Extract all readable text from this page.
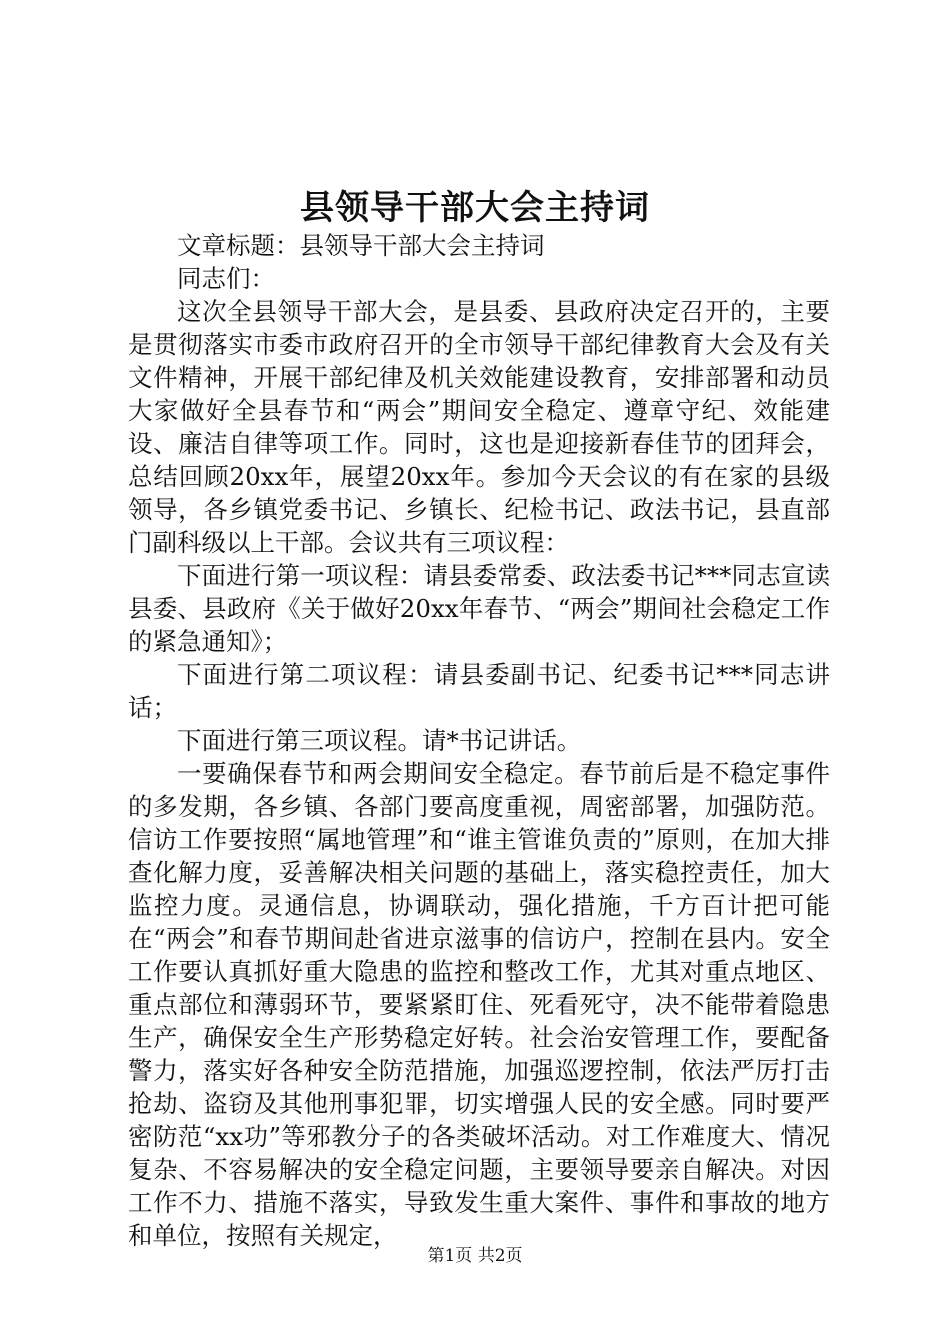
县领导干部大会主持词

文章标题：县领导干部大会主持词

同志们：

这次全县领导干部大会，是县委、县政府决定召开的，主要是贯彻落实市委市政府召开的全市领导干部纪律教育大会及有关文件精神，开展干部纪律及机关效能建设教育，安排部署和动员大家做好全县春节和“两会”期间安全稳定、遵章守纪、效能建设、廉洁自律等项工作。同时，这也是迎接新春佳节的团拜会，总结回顾20xx年，展望20xx年。参加今天会议的有在家的县级领导，各乡镇党委书记、乡镇长、纪检书记、政法书记，县直部门副科级以上干部。会议共有三项议程：

下面进行第一项议程：请县委常委、政法委书记***同志宣读县委、县政府《关于做好20xx年春节、“两会”期间社会稳定工作的紧急通知》；

下面进行第二项议程：请县委副书记、纪委书记***同志讲话；

下面进行第三项议程。请*书记讲话。

一要确保春节和两会期间安全稳定。春节前后是不稳定事件的多发期，各乡镇、各部门要高度重视，周密部署，加强防范。信访工作要按照“属地管理”和“谁主管谁负责的”原则，在加大排查化解力度，妥善解决相关问题的基础上，落实稳控责任，加大监控力度。灵通信息，协调联动，强化措施，千方百计把可能在“两会”和春节期间赴省进京滋事的信访户，控制在县内。安全工作要认真抓好重大隐患的监控和整改工作，尤其对重点地区、重点部位和薄弱环节，要紧紧盯住、死看死守，决不能带着隐患生产，确保安全生产形势稳定好转。社会治安管理工作，要配备警力，落实好各种安全防范措施，加强巡逻控制，依法严厉打击抢劫、盗窃及其他刑事犯罪，切实增强人民的安全感。同时要严密防范“xx功”等邪教分子的各类破坏活动。对工作难度大、情况复杂、不容易解决的安全稳定问题，主要领导要亲自解决。对因工作不力、措施不落实，导致发生重大案件、事件和事故的地方和单位，按照有关规定，

第1页 共2页
